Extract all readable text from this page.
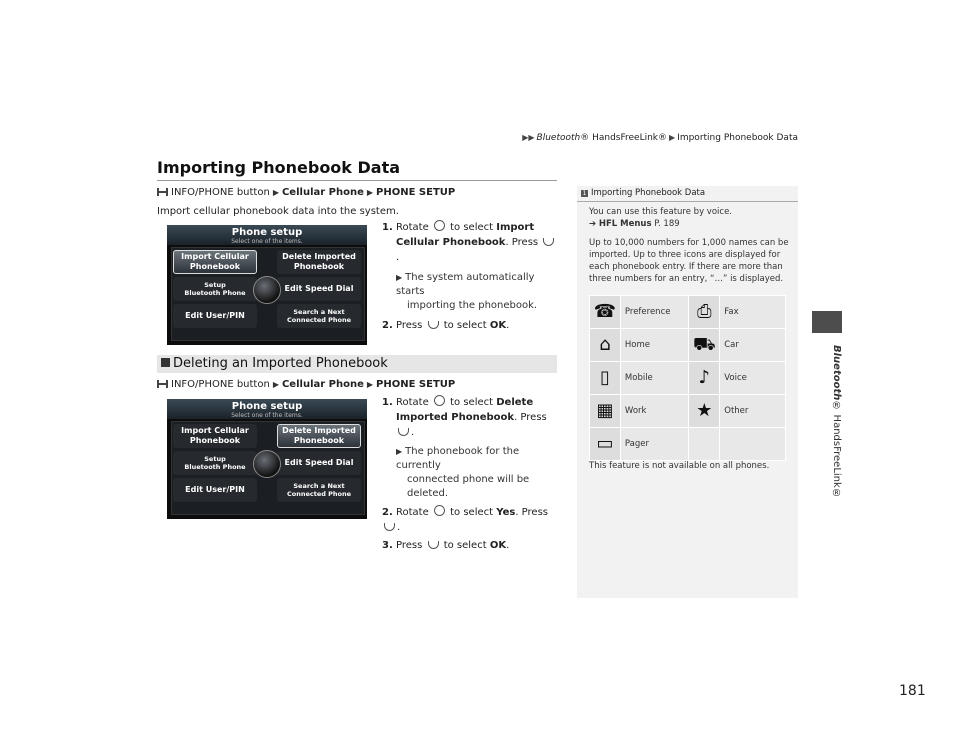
▶▶ Bluetooth® HandsFreeLink® ▶ Importing Phonebook Data
Importing Phonebook Data
Bluetooth® HandsFreeLink®
INFO/PHONE button ▶ Cellular Phone ▶ PHONE SETUP
Import cellular phonebook data into the system.
Phone setup
Select one of the items.
Import Cellular
Phonebook
Delete Imported
Phonebook
Setup
Bluetooth Phone	Edit Speed Dial
Edit User/PIN	Search a Next
Connected Phone
1. Rotate to select Import
Cellular Phonebook. Press .
▶ The system automatically starts
importing the phonebook.
2. Press to select OK.
Deleting an Imported Phonebook
INFO/PHONE button ▶ Cellular Phone ▶ PHONE SETUP
Phone setup
Select one of the items.
Import Cellular
Phonebook
Delete Imported
Phonebook
Setup
Bluetooth Phone	Edit Speed Dial
Edit User/PIN	Search a Next
Connected Phone
1. Rotate to select Delete
Imported Phonebook. Press .
▶ The phonebook for the currently
connected phone will be
deleted.
2. Rotate to select Yes. Press .
3. Press to select OK.
1 Importing Phonebook Data
You can use this feature by voice.
➔ HFL Menus P. 189
Up to 10,000 numbers for 1,000 names can be
imported. Up to three icons are displayed for
each phonebook entry. If there are more than
three numbers for an entry, “…” is displayed.
☎	Preference	⎙	Fax
⌂	Home	⛟	Car
▯	Mobile	♪	Voice
▦	Work	★	Other
▭	Pager		
This feature is not available on all phones.
181
